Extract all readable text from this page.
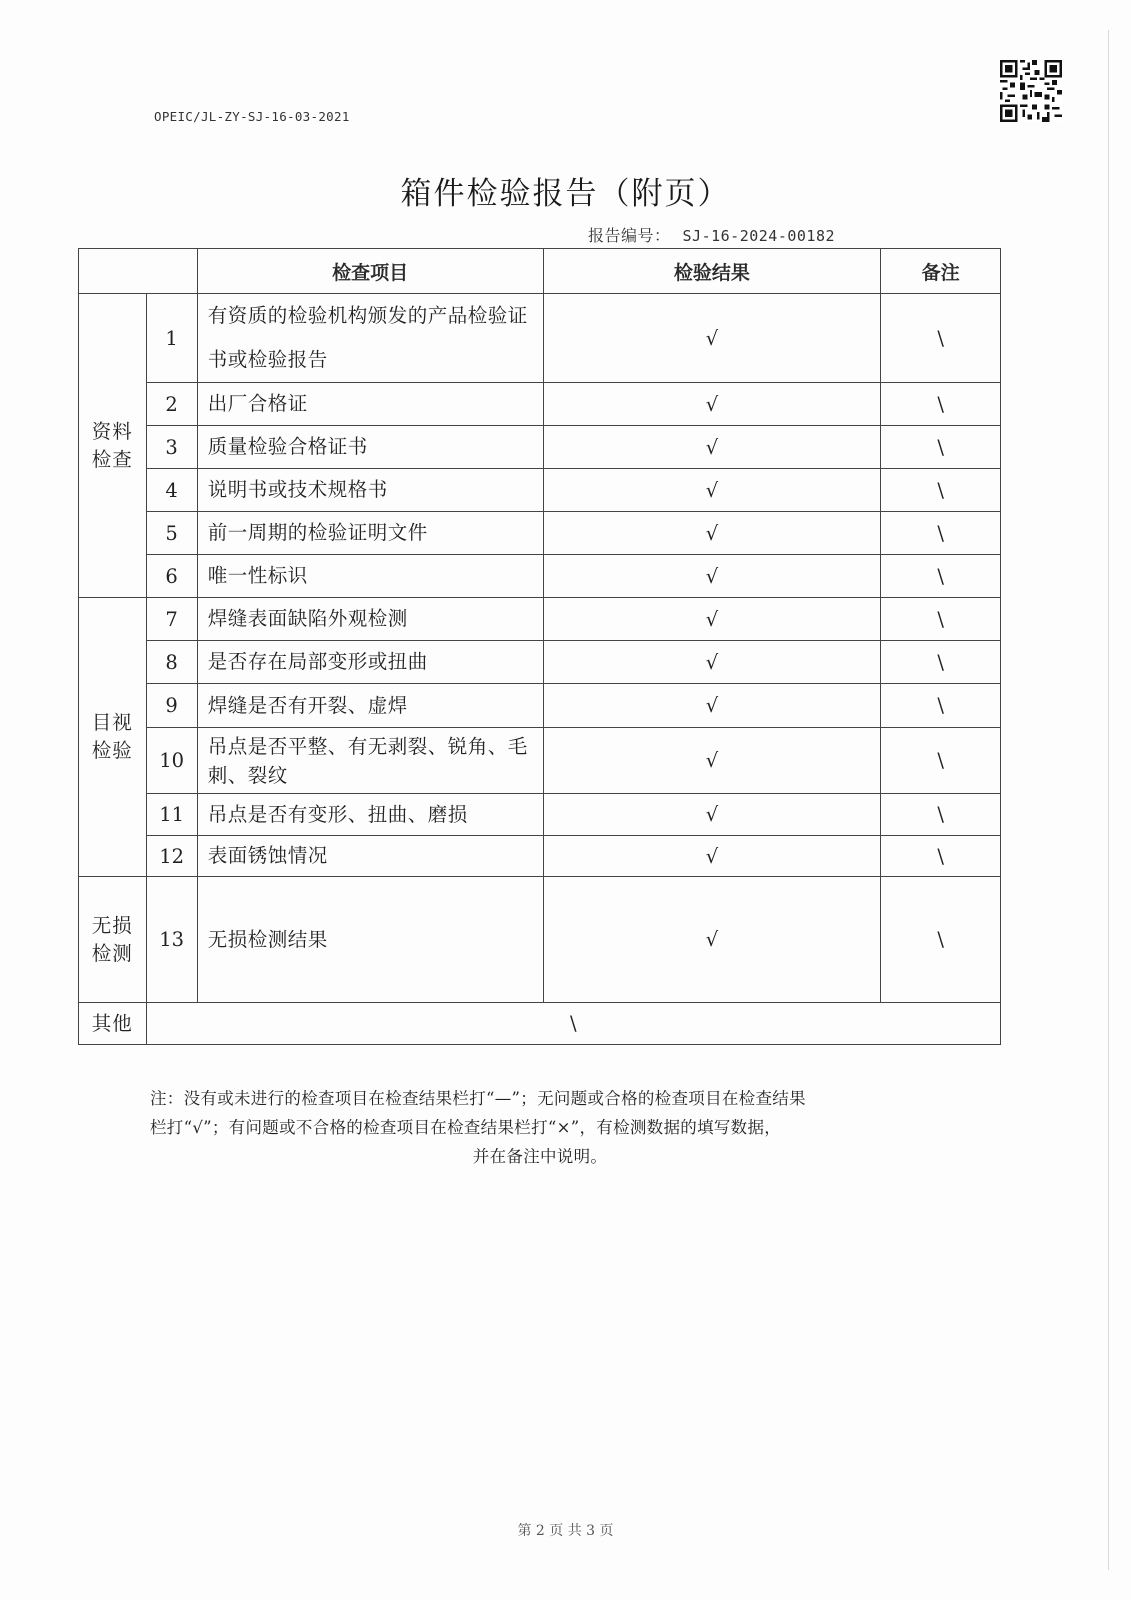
OPEIC/JL-ZY-SJ-16-03-2021
箱件检验报告（附页）
报告编号： SJ-16-2024-00182
		检查项目	检验结果	备注
资料检查	1	有资质的检验机构颁发的产品检验证书或检验报告	√	\
	2	出厂合格证	√	\
	3	质量检验合格证书	√	\
	4	说明书或技术规格书	√	\
	5	前一周期的检验证明文件	√	\
	6	唯一性标识	√	\
目视检验	7	焊缝表面缺陷外观检测	√	\
	8	是否存在局部变形或扭曲	√	\
	9	焊缝是否有开裂、虚焊	√	\
	10	吊点是否平整、有无剥裂、锐角、毛刺、裂纹	√	\
	11	吊点是否有变形、扭曲、磨损	√	\
	12	表面锈蚀情况	√	\
无损检测	13	无损检测结果	√	\
其他	\			
注：没有或未进行的检查项目在检查结果栏打“—”；无问题或合格的检查项目在检查结果
栏打“√”；有问题或不合格的检查项目在检查结果栏打“×”，有检测数据的填写数据，

并在备注中说明。
第 2 页 共 3 页
